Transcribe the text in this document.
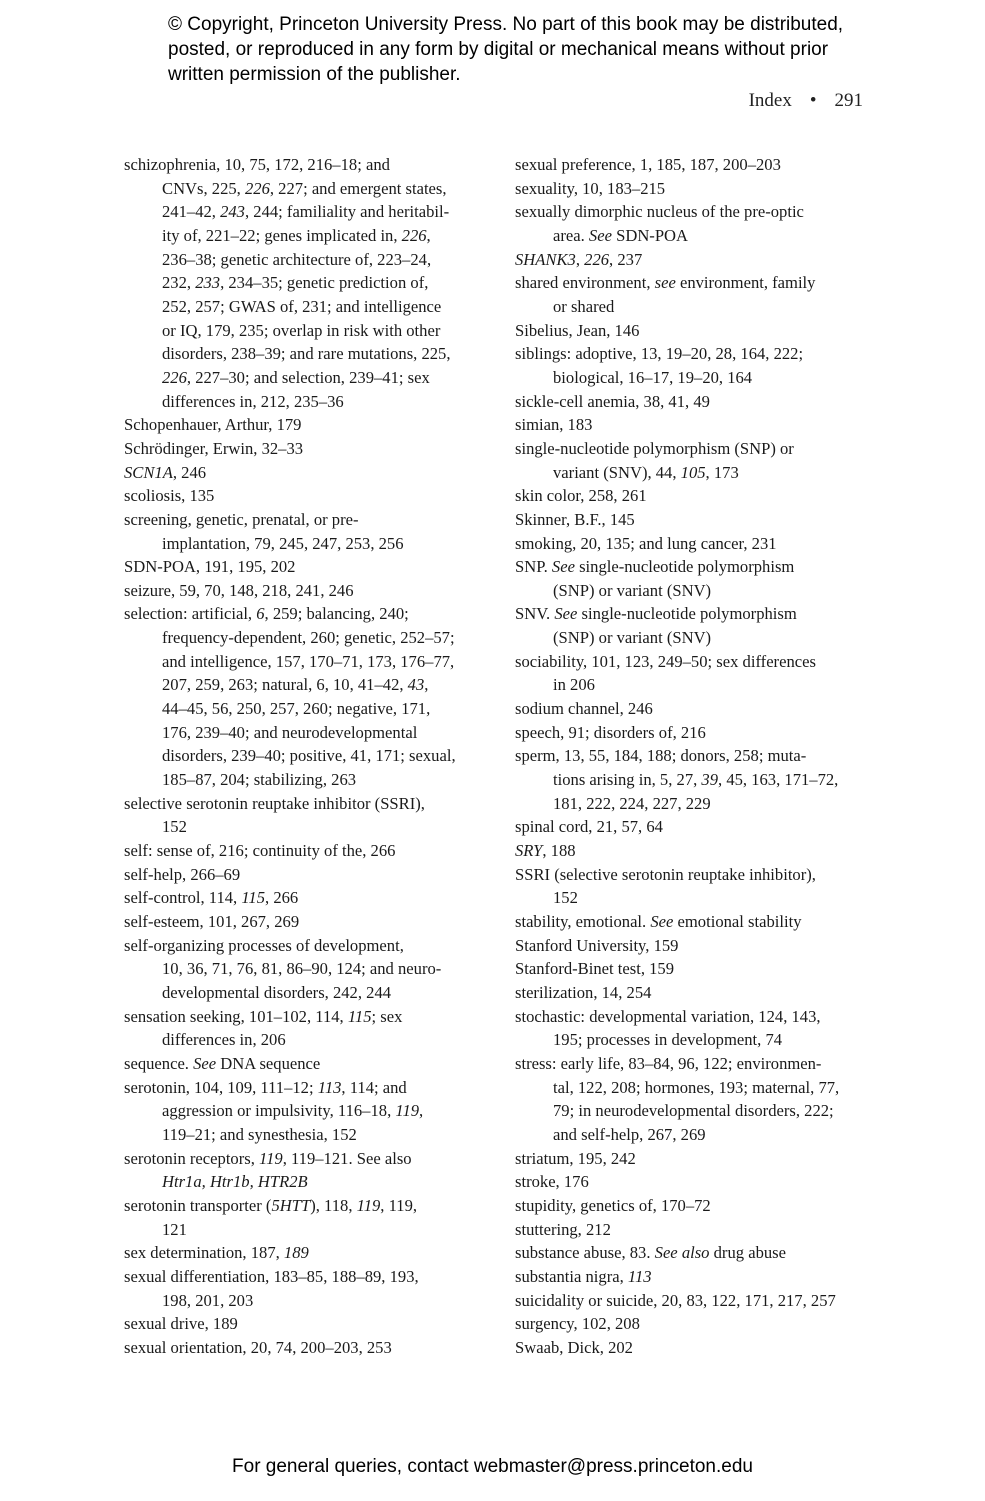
© Copyright, Princeton University Press. No part of this book may be distributed, posted, or reproduced in any form by digital or mechanical means without prior written permission of the publisher.
Index • 291
schizophrenia, 10, 75, 172, 216–18; and
CNVs, 225, 226, 227; and emergent states,
241–42, 243, 244; familiality and heritabil-
ity of, 221–22; genes implicated in, 226,
236–38; genetic architecture of, 223–24,
232, 233, 234–35; genetic prediction of,
252, 257; GWAS of, 231; and intelligence
or IQ, 179, 235; overlap in risk with other
disorders, 238–39; and rare mutations, 225,
226, 227–30; and selection, 239–41; sex
differences in, 212, 235–36
Schopenhauer, Arthur, 179
Schrödinger, Erwin, 32–33
SCN1A, 246
scoliosis, 135
screening, genetic, prenatal, or pre-
implantation, 79, 245, 247, 253, 256
SDN-POA, 191, 195, 202
seizure, 59, 70, 148, 218, 241, 246
selection: artificial, 6, 259; balancing, 240;
frequency-dependent, 260; genetic, 252–57;
and intelligence, 157, 170–71, 173, 176–77,
207, 259, 263; natural, 6, 10, 41–42, 43,
44–45, 56, 250, 257, 260; negative, 171,
176, 239–40; and neurodevelopmental
disorders, 239–40; positive, 41, 171; sexual,
185–87, 204; stabilizing, 263
selective serotonin reuptake inhibitor (SSRI),
152
self: sense of, 216; continuity of the, 266
self-help, 266–69
self-control, 114, 115, 266
self-esteem, 101, 267, 269
self-organizing processes of development,
10, 36, 71, 76, 81, 86–90, 124; and neuro-
developmental disorders, 242, 244
sensation seeking, 101–102, 114, 115; sex
differences in, 206
sequence. See DNA sequence
serotonin, 104, 109, 111–12; 113, 114; and
aggression or impulsivity, 116–18, 119,
119–21; and synesthesia, 152
serotonin receptors, 119, 119–121. See also
Htr1a, Htr1b, HTR2B
serotonin transporter (5HTT), 118, 119, 119,
121
sex determination, 187, 189
sexual differentiation, 183–85, 188–89, 193,
198, 201, 203
sexual drive, 189
sexual orientation, 20, 74, 200–203, 253
sexual preference, 1, 185, 187, 200–203
sexuality, 10, 183–215
sexually dimorphic nucleus of the pre-optic
area. See SDN-POA
SHANK3, 226, 237
shared environment, see environment, family
or shared
Sibelius, Jean, 146
siblings: adoptive, 13, 19–20, 28, 164, 222;
biological, 16–17, 19–20, 164
sickle-cell anemia, 38, 41, 49
simian, 183
single-nucleotide polymorphism (SNP) or
variant (SNV), 44, 105, 173
skin color, 258, 261
Skinner, B.F., 145
smoking, 20, 135; and lung cancer, 231
SNP. See single-nucleotide polymorphism
(SNP) or variant (SNV)
SNV. See single-nucleotide polymorphism
(SNP) or variant (SNV)
sociability, 101, 123, 249–50; sex differences
in 206
sodium channel, 246
speech, 91; disorders of, 216
sperm, 13, 55, 184, 188; donors, 258; muta-
tions arising in, 5, 27, 39, 45, 163, 171–72,
181, 222, 224, 227, 229
spinal cord, 21, 57, 64
SRY, 188
SSRI (selective serotonin reuptake inhibitor),
152
stability, emotional. See emotional stability
Stanford University, 159
Stanford-Binet test, 159
sterilization, 14, 254
stochastic: developmental variation, 124, 143,
195; processes in development, 74
stress: early life, 83–84, 96, 122; environmen-
tal, 122, 208; hormones, 193; maternal, 77,
79; in neurodevelopmental disorders, 222;
and self-help, 267, 269
striatum, 195, 242
stroke, 176
stupidity, genetics of, 170–72
stuttering, 212
substance abuse, 83. See also drug abuse
substantia nigra, 113
suicidality or suicide, 20, 83, 122, 171, 217, 257
surgency, 102, 208
Swaab, Dick, 202
For general queries, contact webmaster@press.princeton.edu
